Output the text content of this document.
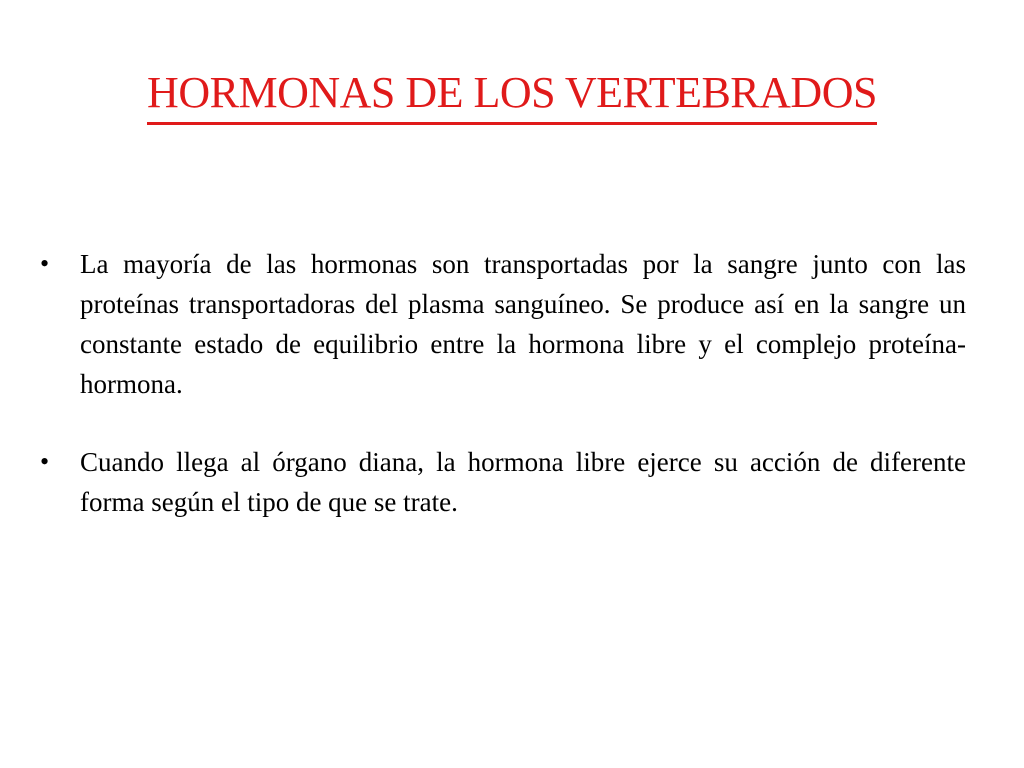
HORMONAS DE LOS VERTEBRADOS
• La mayoría de las hormonas son transportadas por la sangre junto con las proteínas transportadoras del plasma sanguíneo. Se produce así en la sangre un constante estado de equilibrio entre la hormona libre y el complejo proteína-hormona.

• Cuando llega al órgano diana, la hormona libre ejerce su acción de diferente forma según el tipo de que se trate.
